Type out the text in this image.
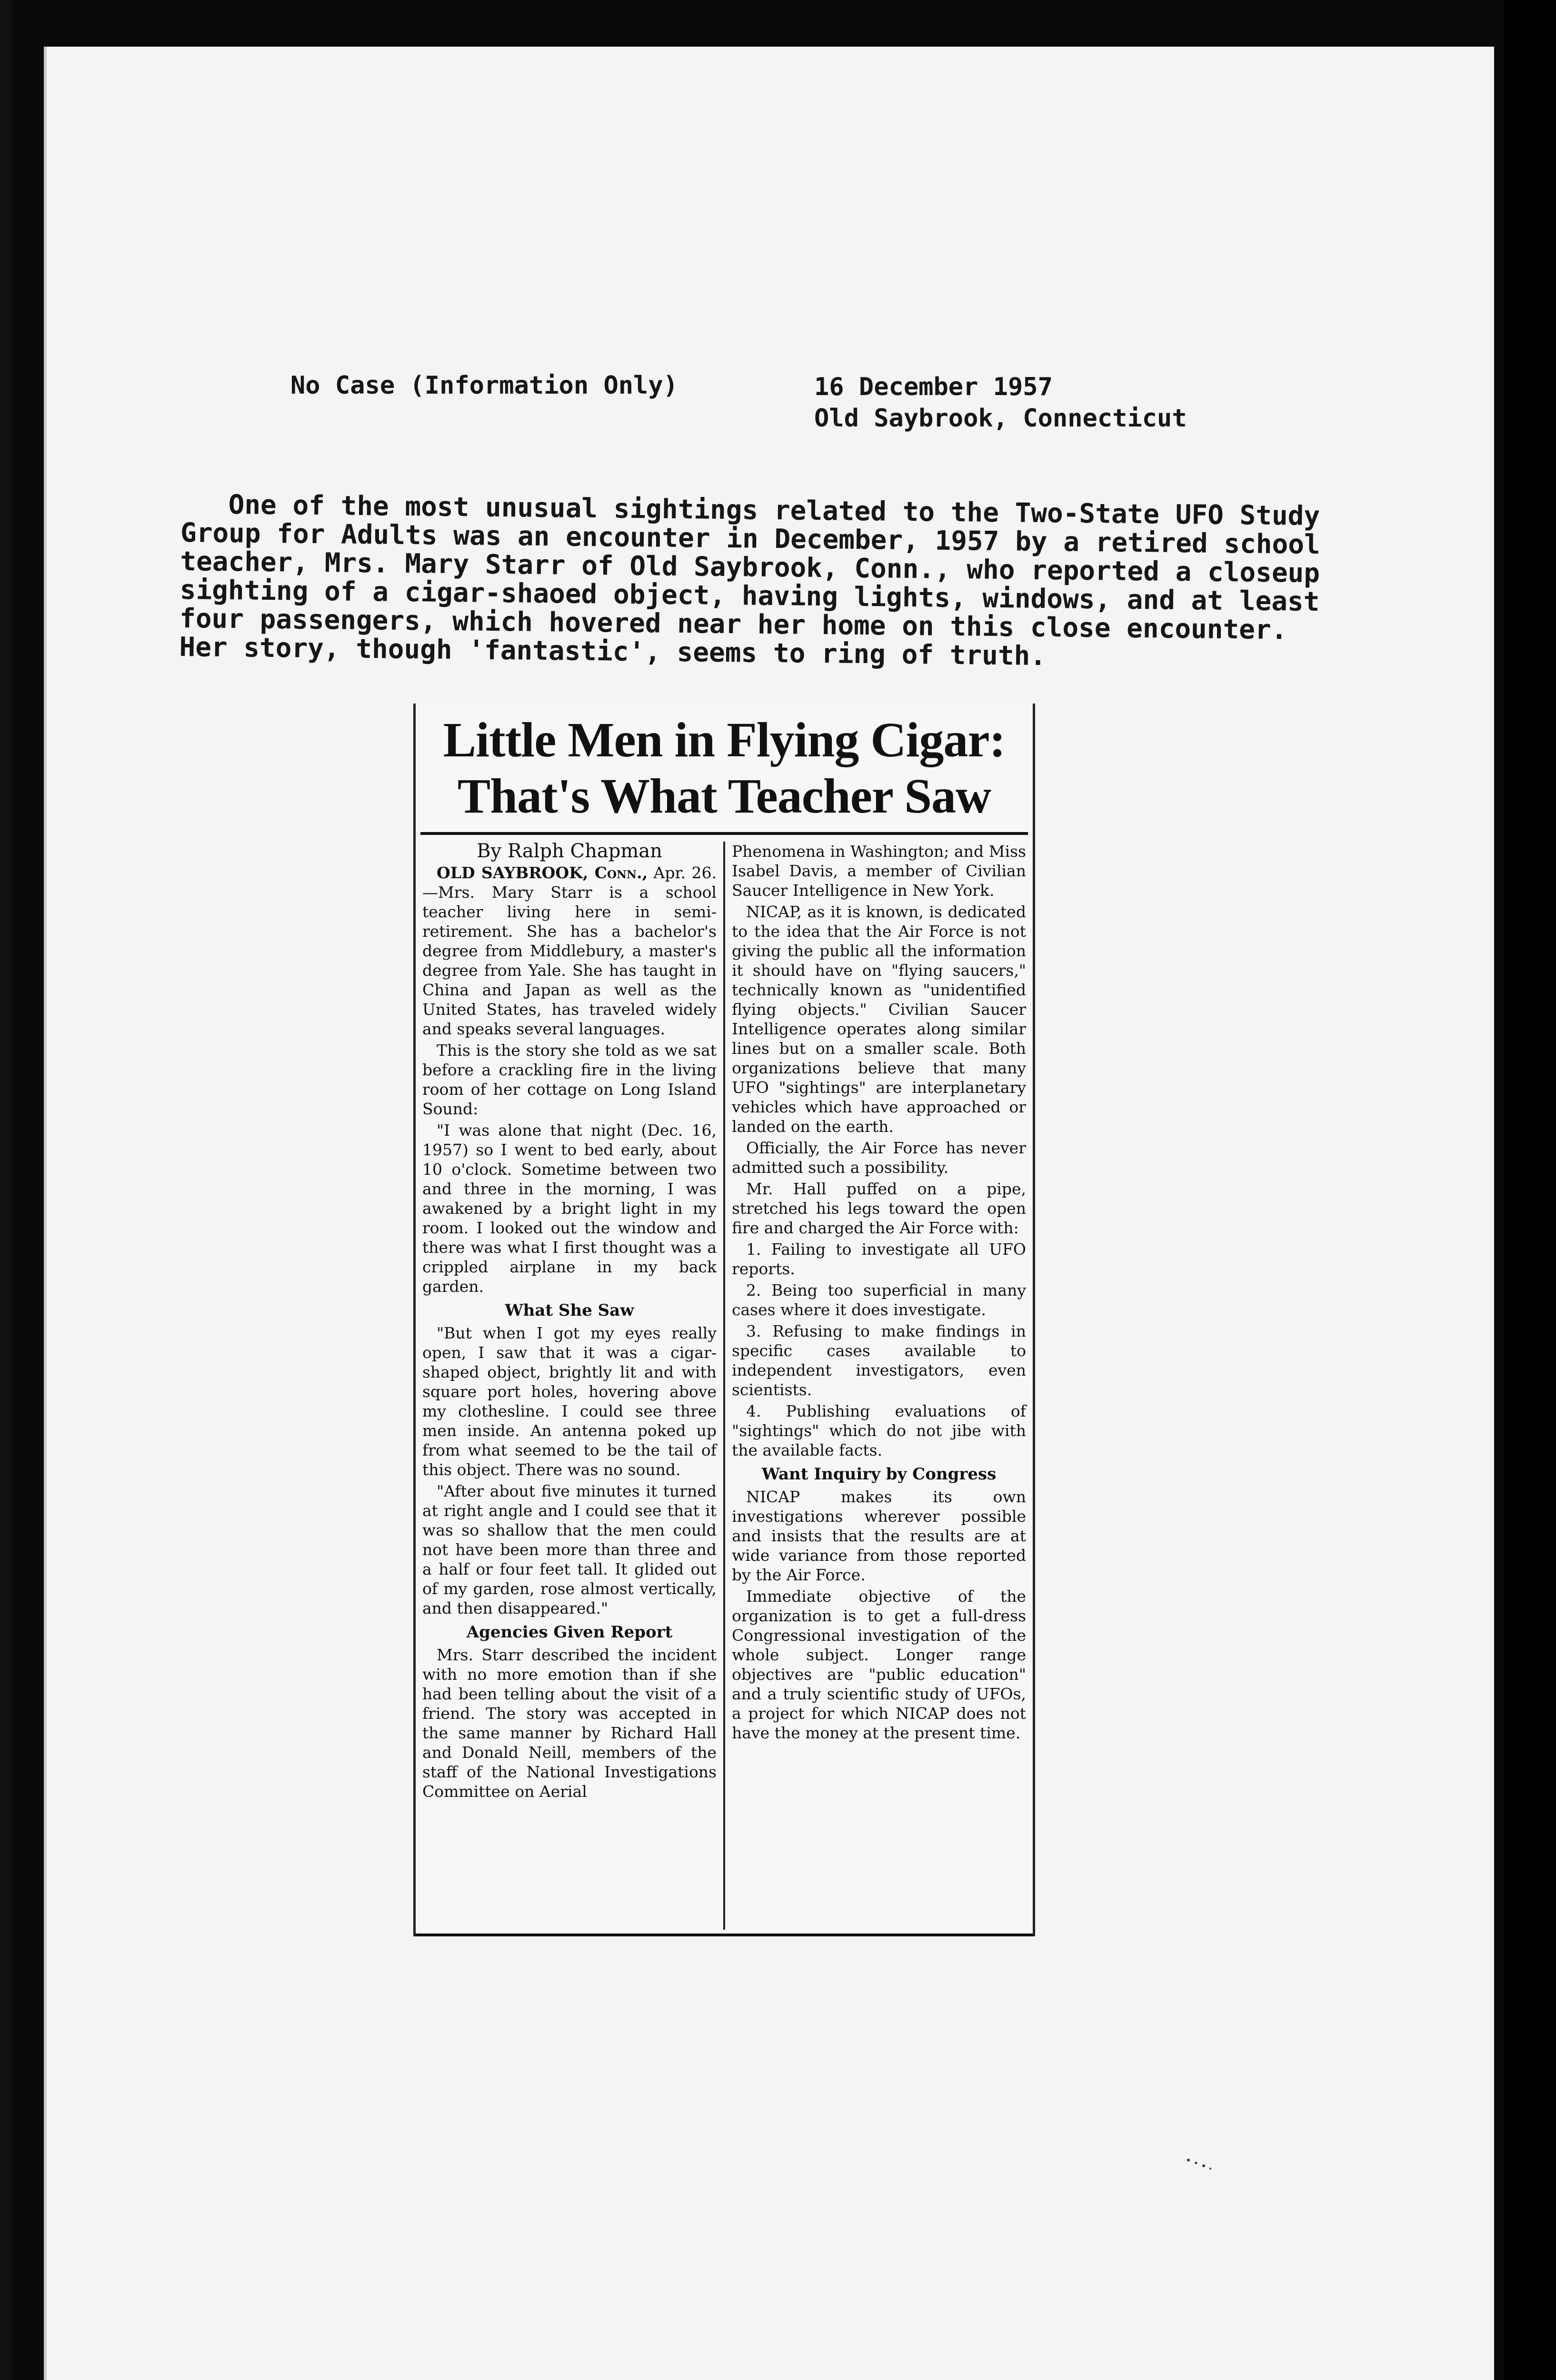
No Case (Information Only)	16 December 1957
Old Saybrook, Connecticut

One of the most unusual sightings related to the Two-State UFO Study Group for Adults was an encounter in December, 1957 by a retired school teacher, Mrs. Mary Starr of Old Saybrook, Conn., who reported a closeup sighting of a cigar-shaoed object, having lights, windows, and at least four passengers, which hovered near her home on this close encounter. Her story, though 'fantastic', seems to ring of truth.

Little Men in Flying Cigar:
That's What Teacher Saw
By Ralph Chapman

OLD SAYBROOK, Conn., Apr. 26.—Mrs. Mary Starr is a school teacher living here in semi-retirement. She has a bachelor's degree from Middlebury, a master's degree from Yale. She has taught in China and Japan as well as the United States, has traveled widely and speaks several languages.

This is the story she told as we sat before a crackling fire in the living room of her cottage on Long Island Sound:

"I was alone that night (Dec. 16, 1957) so I went to bed early, about 10 o'clock. Sometime between two and three in the morning, I was awakened by a bright light in my room. I looked out the window and there was what I first thought was a crippled airplane in my back garden.

What She Saw

"But when I got my eyes really open, I saw that it was a cigar-shaped object, brightly lit and with square port holes, hovering above my clothesline. I could see three men inside. An antenna poked up from what seemed to be the tail of this object. There was no sound.

"After about five minutes it turned at right angle and I could see that it was so shallow that the men could not have been more than three and a half or four feet tall. It glided out of my garden, rose almost vertically, and then disappeared."

Agencies Given Report

Mrs. Starr described the incident with no more emotion than if she had been telling about the visit of a friend. The story was accepted in the same manner by Richard Hall and Donald Neill, members of the staff of the National Investigations Committee on Aerial

Phenomena in Washington; and Miss Isabel Davis, a member of Civilian Saucer Intelligence in New York.

NICAP, as it is known, is dedicated to the idea that the Air Force is not giving the public all the information it should have on "flying saucers," technically known as "unidentified flying objects." Civilian Saucer Intelligence operates along similar lines but on a smaller scale. Both organizations believe that many UFO "sightings" are interplanetary vehicles which have approached or landed on the earth.

Officially, the Air Force has never admitted such a possibility.

Mr. Hall puffed on a pipe, stretched his legs toward the open fire and charged the Air Force with:

1. Failing to investigate all UFO reports.

2. Being too superficial in many cases where it does investigate.

3. Refusing to make findings in specific cases available to independent investigators, even scientists.

4. Publishing evaluations of "sightings" which do not jibe with the available facts.

Want Inquiry by Congress

NICAP makes its own investigations wherever possible and insists that the results are at wide variance from those reported by the Air Force.

Immediate objective of the organization is to get a full-dress Congressional investigation of the whole subject. Longer range objectives are "public education" and a truly scientific study of UFOs, a project for which NICAP does not have the money at the present time.
